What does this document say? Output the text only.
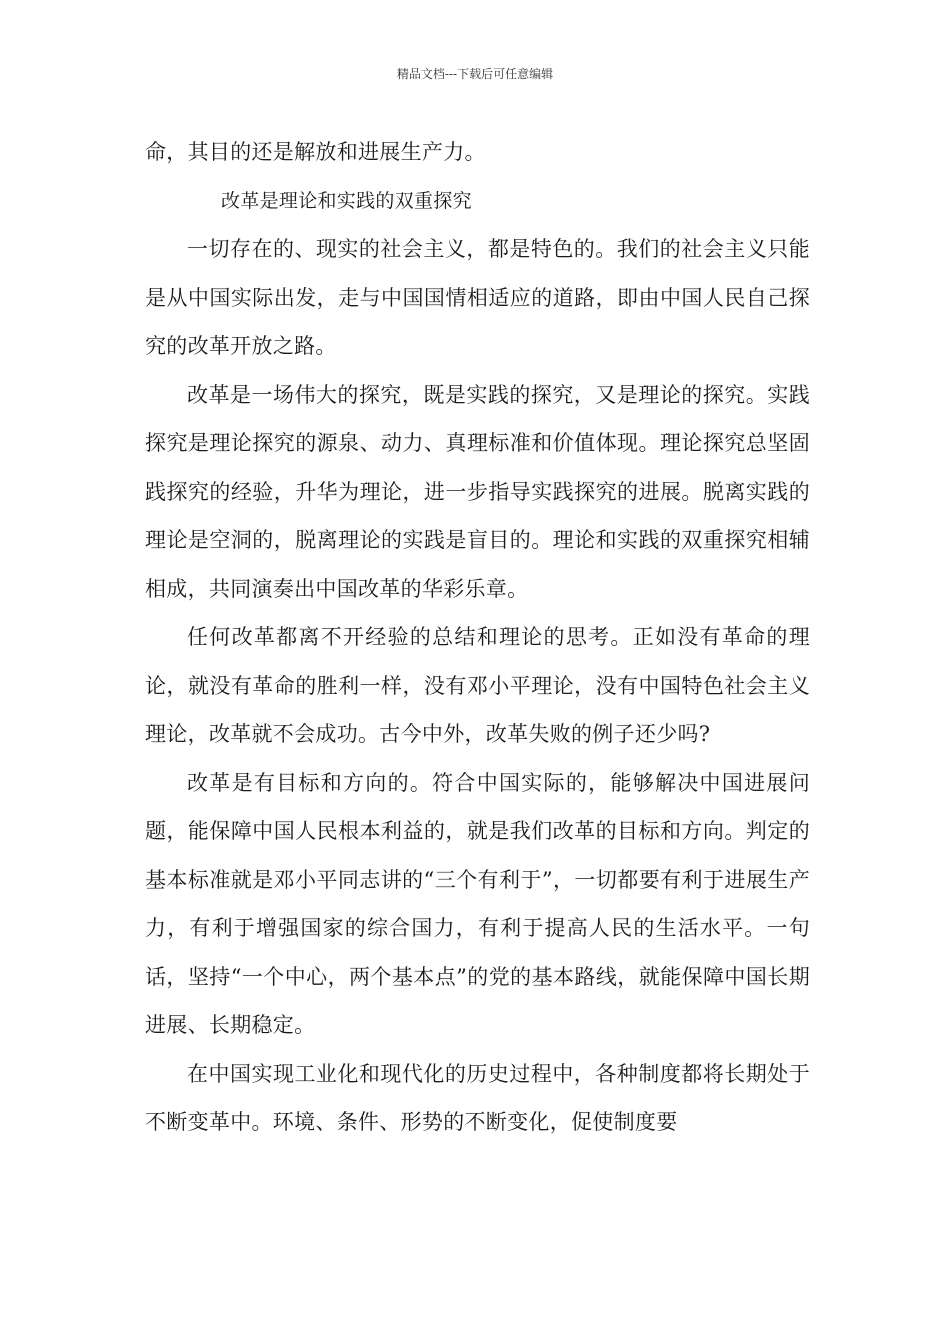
精品文档---下载后可任意编辑

命，其目的还是解放和进展生产力。

改革是理论和实践的双重探究

一切存在的、现实的社会主义，都是特色的。我们的社会主义只能是从中国实际出发，走与中国国情相适应的道路，即由中国人民自己探究的改革开放之路。

改革是一场伟大的探究，既是实践的探究，又是理论的探究。实践探究是理论探究的源泉、动力、真理标准和价值体现。理论探究总坚固践探究的经验，升华为理论，进一步指导实践探究的进展。脱离实践的理论是空洞的，脱离理论的实践是盲目的。理论和实践的双重探究相辅相成，共同演奏出中国改革的华彩乐章。

任何改革都离不开经验的总结和理论的思考。正如没有革命的理论，就没有革命的胜利一样，没有邓小平理论，没有中国特色社会主义理论，改革就不会成功。古今中外，改革失败的例子还少吗?

改革是有目标和方向的。符合中国实际的，能够解决中国进展问题，能保障中国人民根本利益的，就是我们改革的目标和方向。判定的基本标准就是邓小平同志讲的“三个有利于”，一切都要有利于进展生产力，有利于增强国家的综合国力，有利于提高人民的生活水平。一句话，坚持“一个中心，两个基本点”的党的基本路线，就能保障中国长期进展、长期稳定。

在中国实现工业化和现代化的历史过程中，各种制度都将长期处于不断变革中。环境、条件、形势的不断变化，促使制度要
